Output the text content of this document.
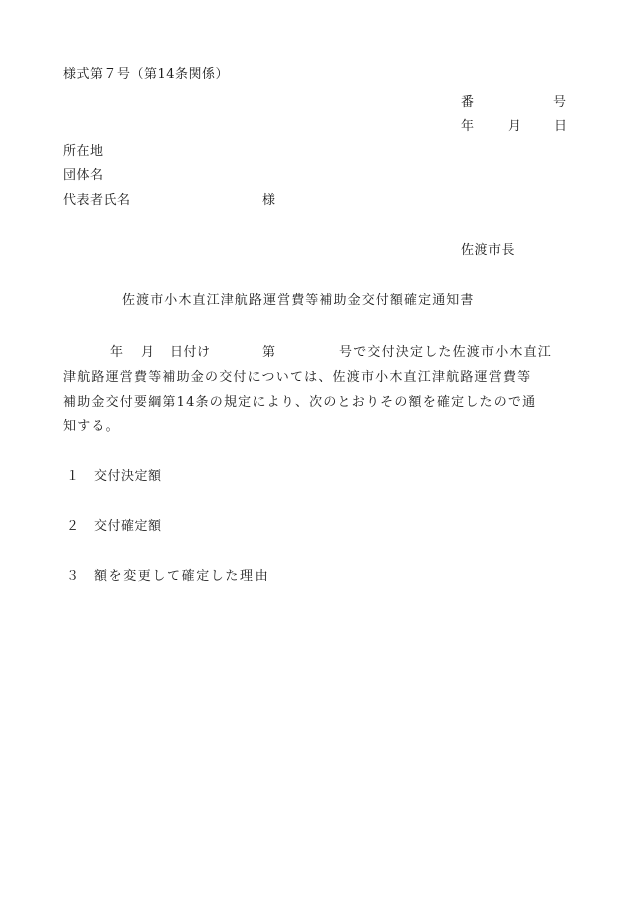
様式第７号（第14条関係）
番	号
年	月 日
所在地
団体名
代表者氏名	様
佐渡市長
佐渡市小木直江津航路運営費等補助金交付額確定通知書
年 月 日付け	第	号で交付決定した佐渡市小木直江
津航路運営費等補助金の交付については、佐渡市小木直江津航路運営費等
補助金交付要綱第14条の規定により、次のとおりその額を確定したので通
知する。
１ 交付決定額
２ 交付確定額
３ 額を変更して確定した理由
